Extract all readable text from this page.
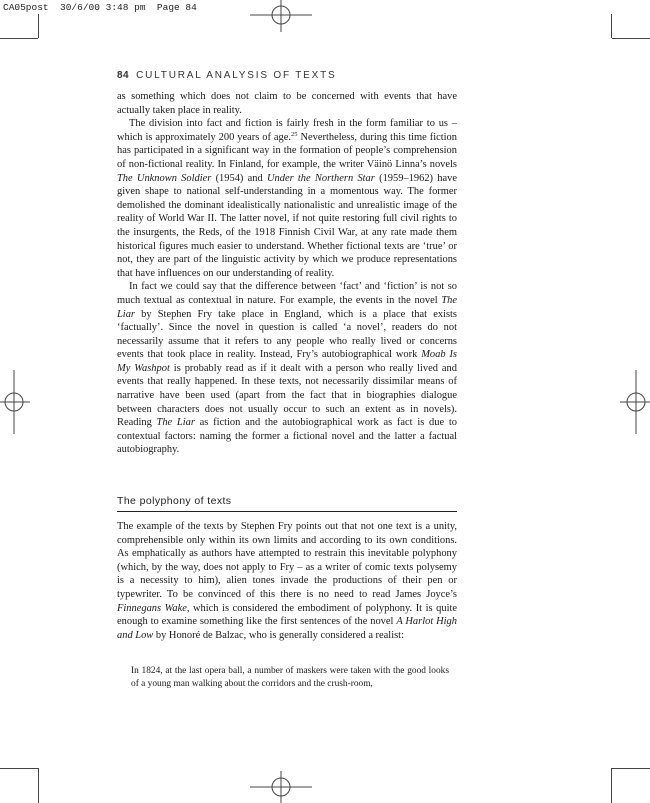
CA05post  30/6/00 3:48 pm  Page 84
84 CULTURAL ANALYSIS OF TEXTS

as something which does not claim to be concerned with events that have actually taken place in reality.

The division into fact and fiction is fairly fresh in the form familiar to us – which is approximately 200 years of age.$^{25}$ Nevertheless, during this time fiction has participated in a significant way in the formation of people’s comprehension of non-fictional reality. In Finland, for example, the writer Väinö Linna’s novels The Unknown Soldier (1954) and Under the Northern Star (1959–1962) have given shape to national self-understanding in a momentous way. The former demolished the dominant idealistically nationalistic and unrealistic image of the reality of World War II. The latter novel, if not quite restoring full civil rights to the insurgents, the Reds, of the 1918 Finnish Civil War, at any rate made them historical figures much easier to understand. Whether fictional texts are ‘true’ or not, they are part of the linguistic activity by which we produce representations that have influences on our understanding of reality.

In fact we could say that the difference between ‘fact’ and ‘fiction’ is not so much textual as contextual in nature. For example, the events in the novel The Liar by Stephen Fry take place in England, which is a place that exists ‘factually’. Since the novel in question is called ‘a novel’, readers do not necessarily assume that it refers to any people who really lived or concerns events that took place in reality. Instead, Fry’s autobiographical work Moab Is My Washpot is probably read as if it dealt with a person who really lived and events that really happened. In these texts, not necessarily dissimilar means of narrative have been used (apart from the fact that in biographies dialogue between characters does not usually occur to such an extent as in novels). Reading The Liar as fiction and the autobiographical work as fact is due to contextual factors: naming the former a fictional novel and the latter a factual autobiography.

The polyphony of texts

The example of the texts by Stephen Fry points out that not one text is a unity, comprehensible only within its own limits and according to its own conditions. As emphatically as authors have attempted to restrain this inevitable polyphony (which, by the way, does not apply to Fry – as a writer of comic texts polysemy is a necessity to him), alien tones invade the productions of their pen or typewriter. To be convinced of this there is no need to read James Joyce’s Finnegans Wake, which is considered the embodiment of polyphony. It is quite enough to examine something like the first sentences of the novel A Harlot High and Low by Honoré de Balzac, who is generally considered a realist:

In 1824, at the last opera ball, a number of maskers were taken with the good looks of a young man walking about the corridors and the crush-room,
